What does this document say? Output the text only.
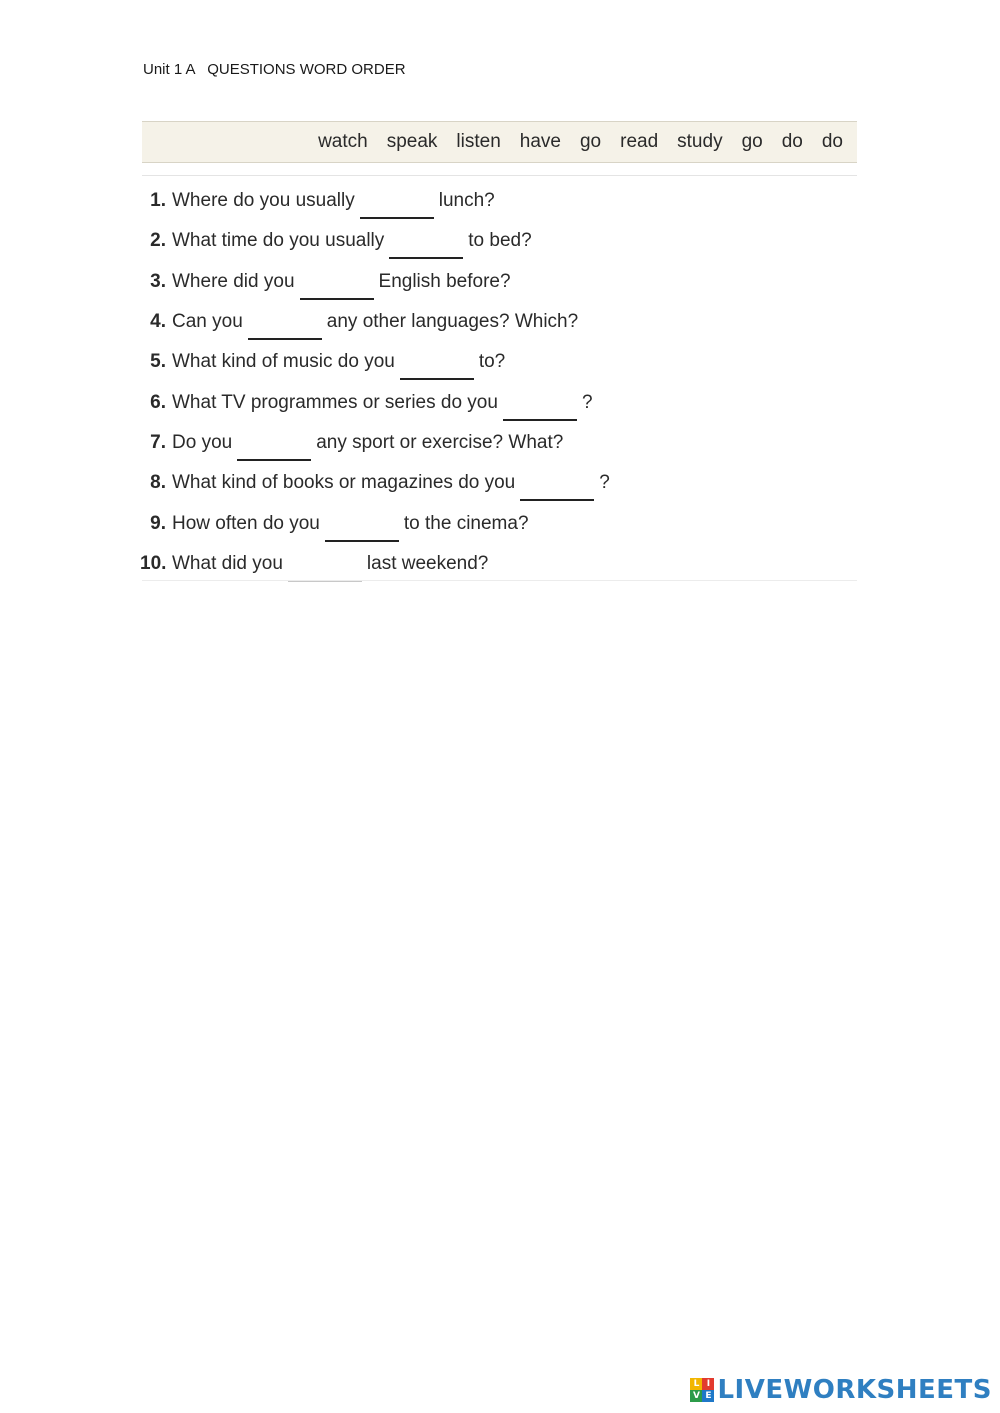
Unit 1 A   QUESTIONS WORD ORDER
watch speak listen have go read study go do do
1. Where do you usually	lunch?
2. What time do you usually	to bed?
3. Where did you	English before?
4. Can you	any other languages? Which?
5. What kind of music do you	to?
6. What TV programmes or series do you	?
7. Do you	any sport or exercise? What?
8. What kind of books or magazines do you	?
9. How often do you	to the cinema?
10. What did you	last weekend?
L I
V E LIVEWORKSHEETS
